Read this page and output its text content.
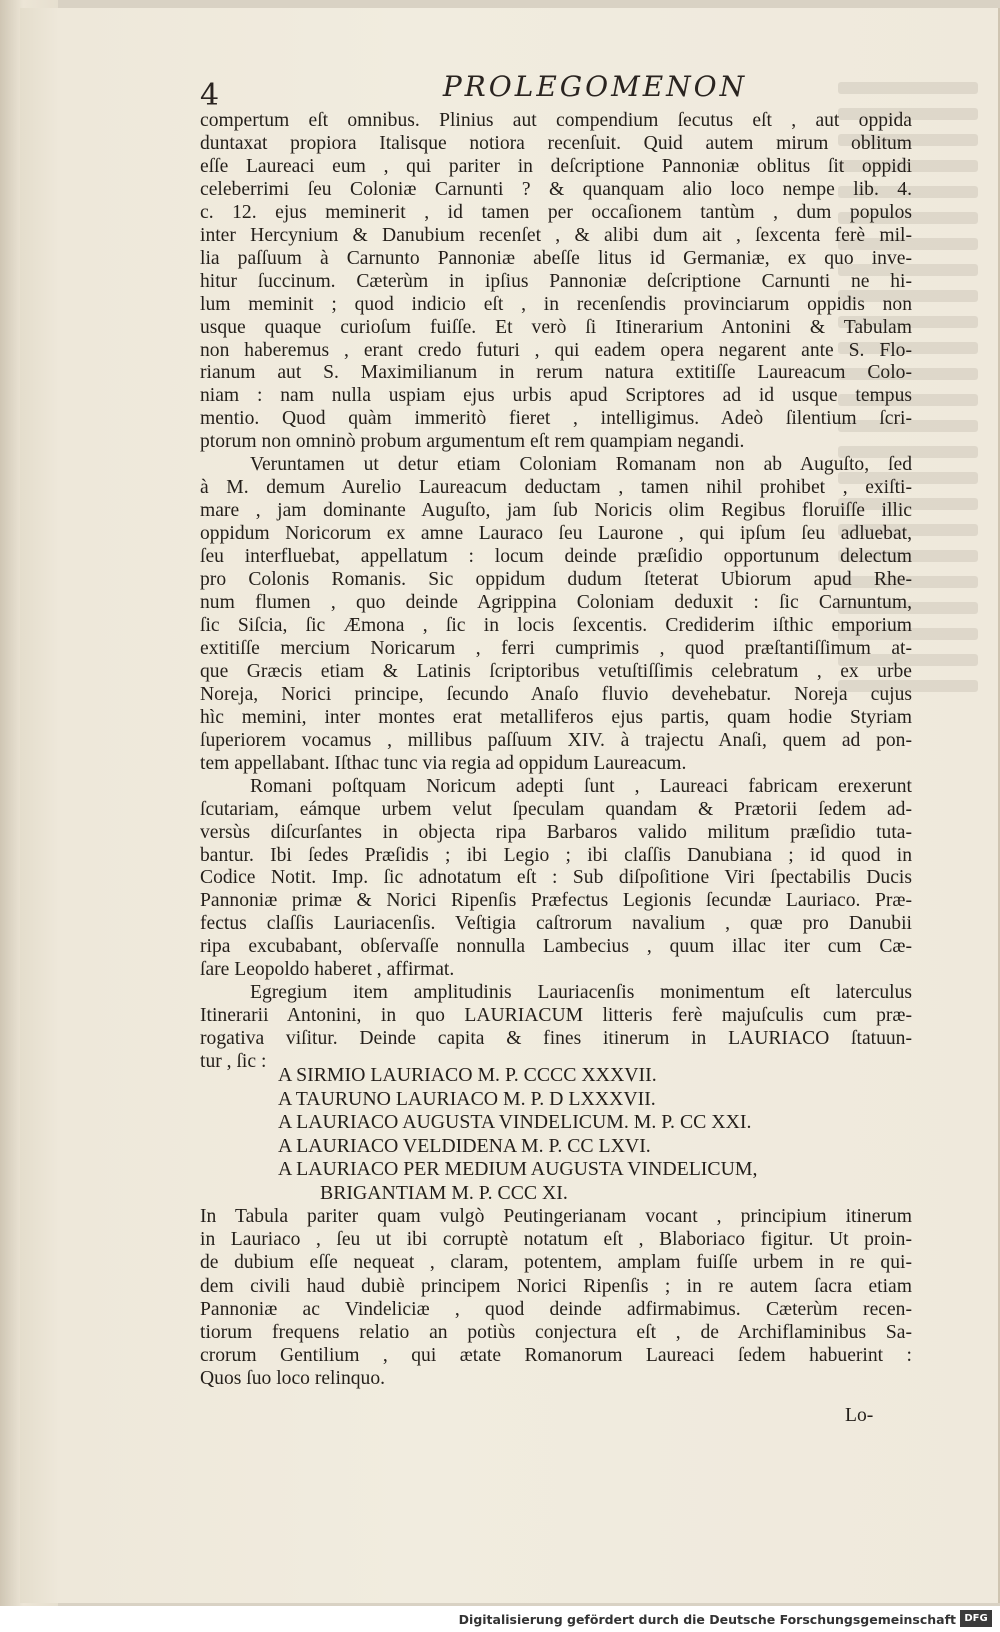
4	PROLEGOMENON
compertum eſt omnibus. Plinius aut compendium ſecutus eſt , aut oppida
duntaxat propiora Italisque notiora recenſuit. Quid autem mirum oblitum
eſſe Laureaci eum , qui pariter in deſcriptione Pannoniæ oblitus ſit oppidi
celeberrimi ſeu Coloniæ Carnunti ? & quanquam alio loco nempe lib. 4.
c. 12. ejus meminerit , id tamen per occaſionem tantùm , dum populos
inter Hercynium & Danubium recenſet , & alibi dum ait , ſexcenta ferè mil-
lia paſſuum à Carnunto Pannoniæ abeſſe litus id Germaniæ, ex quo inve-
hitur ſuccinum. Cæterùm in ipſius Pannoniæ deſcriptione Carnunti ne hi-
lum meminit ; quod indicio eſt , in recenſendis provinciarum oppidis non
usque quaque curioſum fuiſſe. Et verò ſi Itinerarium Antonini & Tabulam
non haberemus , erant credo futuri , qui eadem opera negarent ante S. Flo-
rianum aut S. Maximilianum in rerum natura extitiſſe Laureacum Colo-
niam : nam nulla uspiam ejus urbis apud Scriptores ad id usque tempus
mentio. Quod quàm immeritò fieret , intelligimus. Adeò ſilentium ſcri-
ptorum non omninò probum argumentum eſt rem quampiam negandi.
Veruntamen ut detur etiam Coloniam Romanam non ab Auguſto, ſed
à M. demum Aurelio Laureacum deductam , tamen nihil prohibet , exiſti-
mare , jam dominante Auguſto, jam ſub Noricis olim Regibus floruiſſe illic
oppidum Noricorum ex amne Lauraco ſeu Laurone , qui ipſum ſeu adluebat,
ſeu interfluebat, appellatum : locum deinde præſidio opportunum delectum
pro Colonis Romanis. Sic oppidum dudum ſteterat Ubiorum apud Rhe-
num flumen , quo deinde Agrippina Coloniam deduxit : ſic Carnuntum,
ſic Siſcia, ſic Æmona , ſic in locis ſexcentis. Crediderim iſthic emporium
extitiſſe mercium Noricarum , ferri cumprimis , quod præſtantiſſimum at-
que Græcis etiam & Latinis ſcriptoribus vetuſtiſſimis celebratum , ex urbe
Noreja, Norici principe, ſecundo Anaſo fluvio devehebatur. Noreja cujus
hìc memini, inter montes erat metalliferos ejus partis, quam hodie Styriam
ſuperiorem vocamus , millibus paſſuum XIV. à trajectu Anaſi, quem ad pon-
tem appellabant. Iſthac tunc via regia ad oppidum Laureacum.
Romani poſtquam Noricum adepti ſunt , Laureaci fabricam erexerunt
ſcutariam, eámque urbem velut ſpeculam quandam & Prætorii ſedem ad-
versùs diſcurſantes in objecta ripa Barbaros valido militum præſidio tuta-
bantur. Ibi ſedes Præſidis ; ibi Legio ; ibi claſſis Danubiana ; id quod in
Codice Notit. Imp. ſic adnotatum eſt : Sub diſpoſitione Viri ſpectabilis Ducis
Pannoniæ primæ & Norici Ripenſis Præfectus Legionis ſecundæ Lauriaco. Præ-
fectus claſſis Lauriacenſis. Veſtigia caſtrorum navalium , quæ pro Danubii
ripa excubabant, obſervaſſe nonnulla Lambecius , quum illac iter cum Cæ-
ſare Leopoldo haberet , affirmat.
Egregium item amplitudinis Lauriacenſis monimentum eſt laterculus
Itinerarii Antonini, in quo LAURIACUM litteris ferè majuſculis cum præ-
rogativa viſitur. Deinde capita & fines itinerum in LAURIACO ſtatuun-
tur , ſic :
A SIRMIO LAURIACO M. P. CCCC XXXVII.
A TAURUNO LAURIACO M. P. D LXXXVII.
A LAURIACO AUGUSTA VINDELICUM. M. P. CC XXI.
A LAURIACO VELDIDENA M. P. CC LXVI.
A LAURIACO PER MEDIUM AUGUSTA VINDELICUM,
BRIGANTIAM M. P. CCC XI.
In Tabula pariter quam vulgò Peutingerianam vocant , principium itinerum
in Lauriaco , ſeu ut ibi corruptè notatum eſt , Blaboriaco figitur. Ut proin-
de dubium eſſe nequeat , claram, potentem, amplam fuiſſe urbem in re qui-
dem civili haud dubiè principem Norici Ripenſis ; in re autem ſacra etiam
Pannoniæ ac Vindeliciæ , quod deinde adfirmabimus. Cæterùm recen-
tiorum frequens relatio an potiùs conjectura eſt , de Archiflaminibus Sa-
crorum Gentilium , qui ætate Romanorum Laureaci ſedem habuerint :
Quos ſuo loco relinquo.
Lo-
Digitalisierung gefördert durch die Deutsche Forschungsgemeinschaft DFG
